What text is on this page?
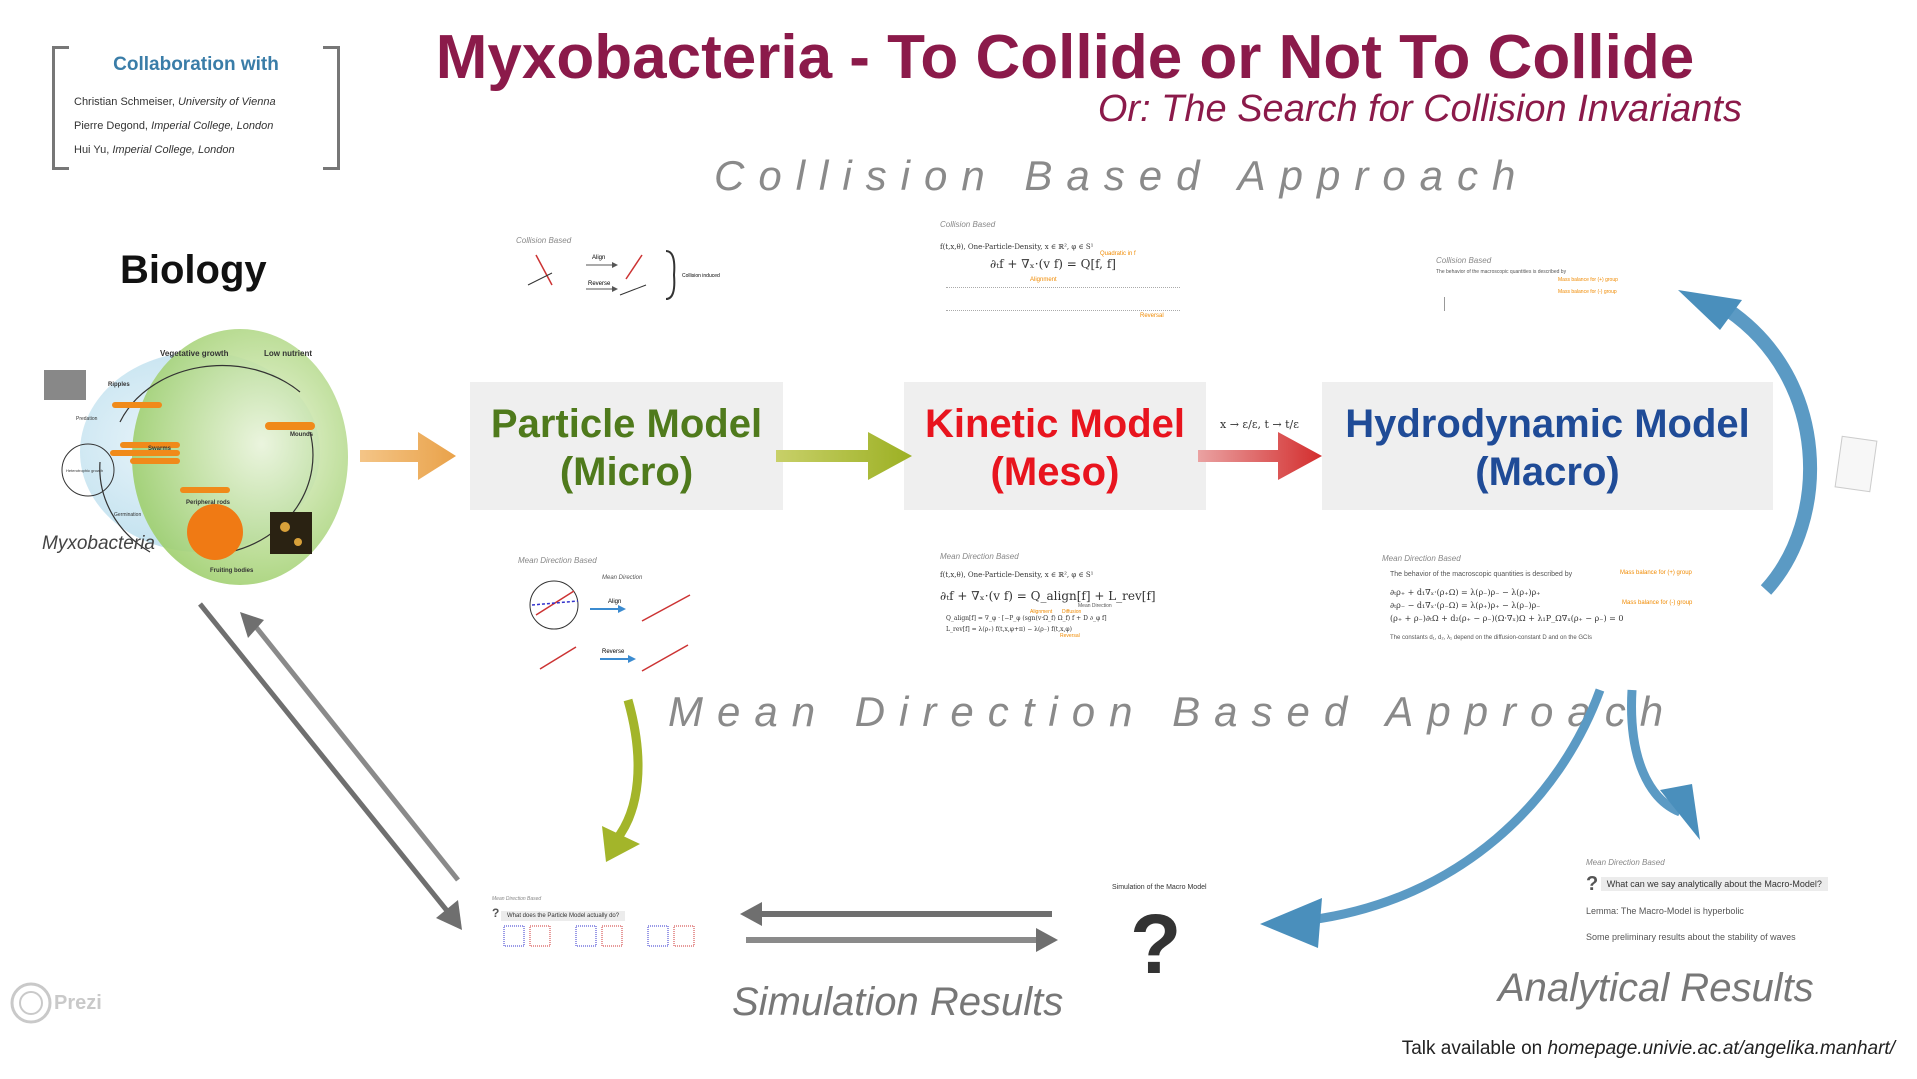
Myxobacteria - To Collide or Not To Collide
Or: The Search for Collision Invariants
Collaboration with
Christian Schmeiser, University of Vienna
Pierre Degond, Imperial College, London
Hui Yu, Imperial College, London
Collision Based Approach
Mean Direction Based Approach
Biology
Vegetative growth	Low nutrient
Ripples
Predation
Swarms
Mounds
Germination
Peripheral rods
Fruiting bodies
Heterotrophic growth
Myxobacteria
Particle Model
(Micro)
Kinetic Model
(Meso)
Hydrodynamic Model
(Macro)
x → ε/ε, t → t/ε
Collision Based
Align
Reverse
Collision induced
Collision Based
f(t,x,θ), One-Particle-Density, x ∈ ℝ², φ ∈ S¹
Quadratic in f
∂ₜf + ∇ₓ·(v f) = Q[f, f]
Alignment
Reversal
Collision Based
The behavior of the macroscopic quantities is described by
Mass balance for (+) group
Mass balance for (-) group
Mean Direction Based
Mean Direction
Align
Reverse
Mean Direction Based
f(t,x,θ), One-Particle-Density, x ∈ ℝ², φ ∈ S¹
∂ₜf + ∇ₓ·(v f) = Q_align[f] + L_rev[f]
Mean Direction
Alignment Diffusion
Q_align[f] = ∇_φ · [−P_φ (sgn(v·Ω_f) Ω_f) f + D ∂_φ f]
L_rev[f] = λ(ρ₊) f(t,x,φ+π) − λ(ρ₋) f(t,x,φ)
Reversal
Mean Direction Based
The behavior of the macroscopic quantities is described by	Mass balance for (+) group
Mass balance for (-) group
∂ₜρ₊ + d₁∇ₓ·(ρ₊Ω) = λ(ρ₋)ρ₋ − λ(ρ₊)ρ₊
∂ₜρ₋ − d₁∇ₓ·(ρ₋Ω) = λ(ρ₊)ρ₊ − λ(ρ₋)ρ₋
(ρ₊ + ρ₋)∂ₜΩ + d₂(ρ₊ − ρ₋)(Ω·∇ₓ)Ω + λ₁P_Ω∇ₓ(ρ₊ − ρ₋) = 0
The constants d₁, d₂, λ₁ depend on the diffusion-constant D and on the GCIs
Mean Direction Based
? What does the Particle Model actually do?
Simulation of the Macro Model
?
Simulation Results
Mean Direction Based
? What can we say analytically about the Macro-Model?
Lemma: The Macro-Model is hyperbolic
Some preliminary results about the stability of waves
Analytical Results
Talk available on homepage.univie.ac.at/angelika.manhart/
Prezi
